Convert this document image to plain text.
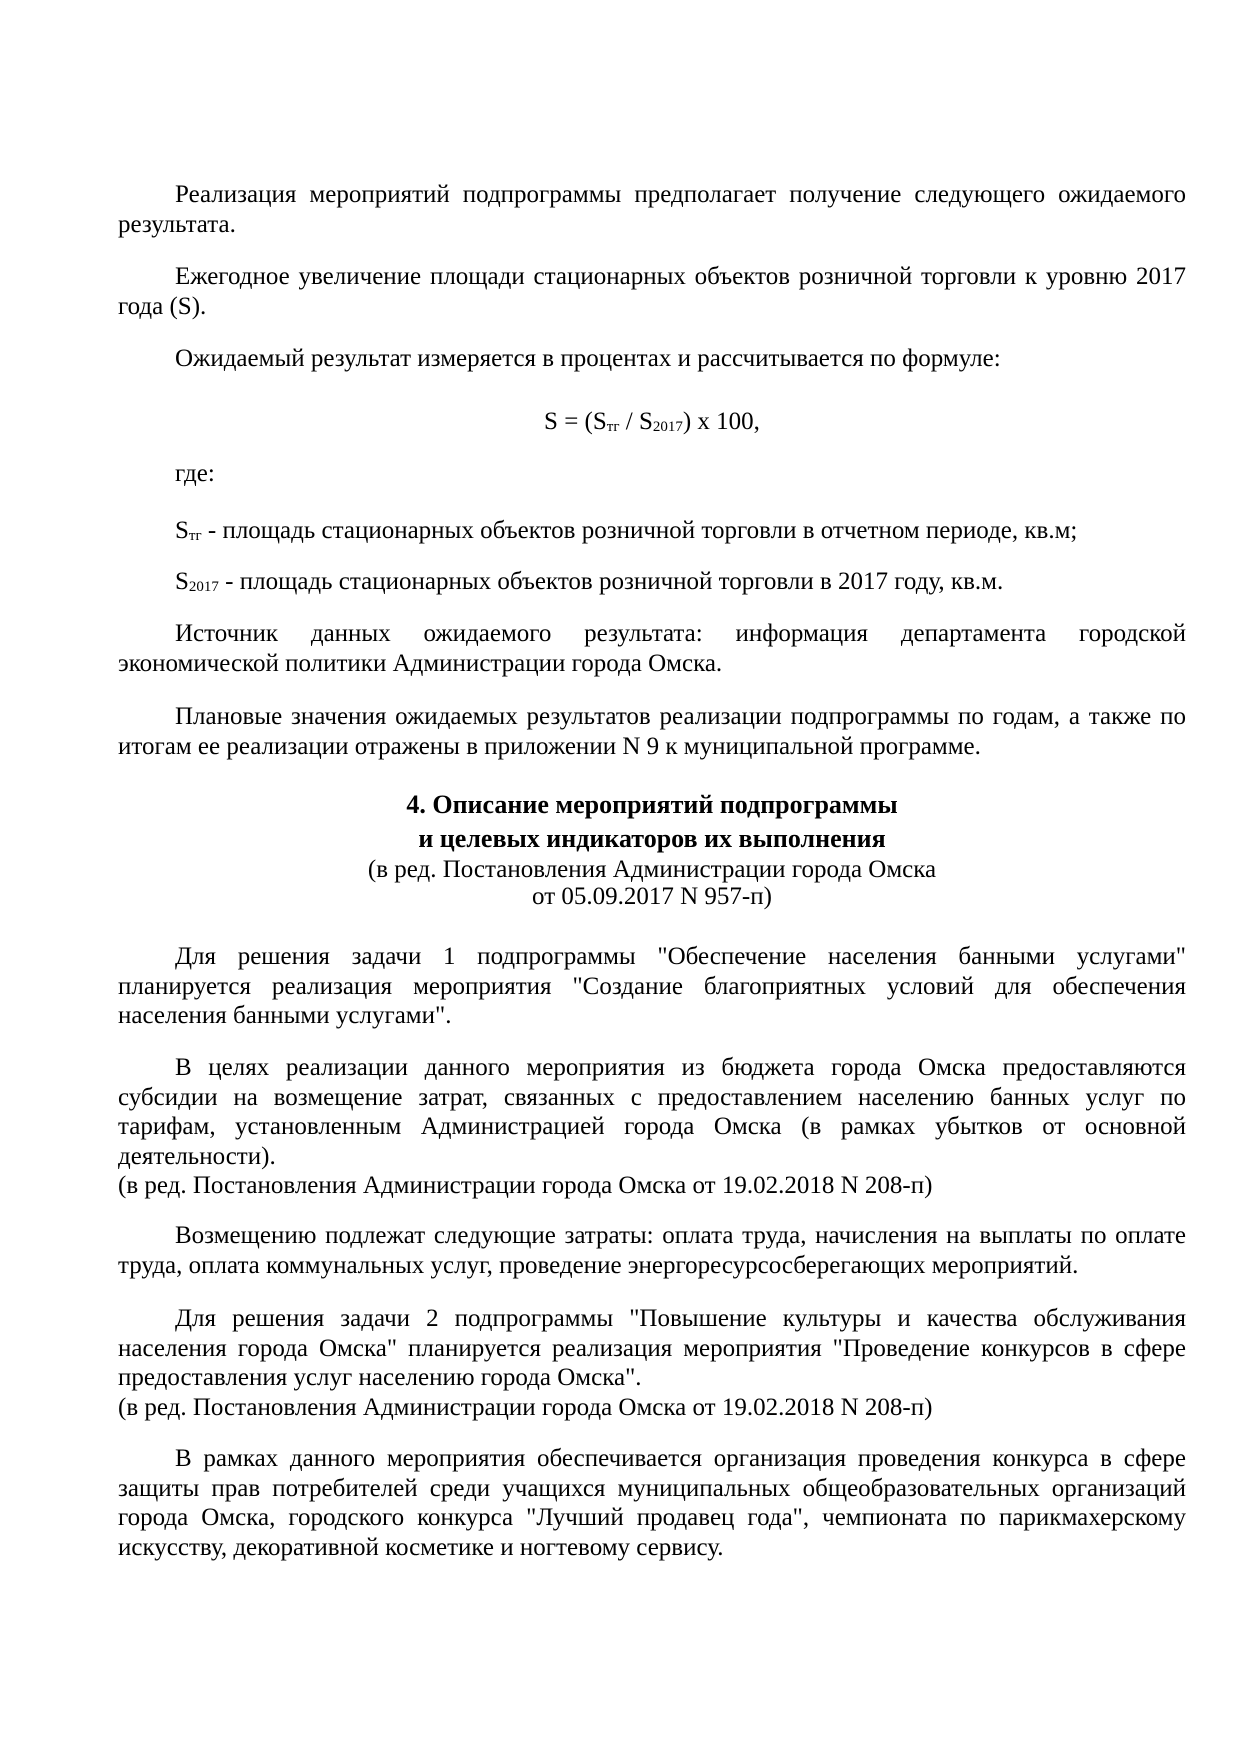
Реализация мероприятий подпрограммы предполагает получение следующего ожидаемого результата.

Ежегодное увеличение площади стационарных объектов розничной торговли к уровню 2017 года (S).

Ожидаемый результат измеряется в процентах и рассчитывается по формуле:

$S = (S_{тг} / S_{2017})$ х 100,

где:

$S_{тг}$ - площадь стационарных объектов розничной торговли в отчетном периоде, кв.м;

$S_{2017}$ - площадь стационарных объектов розничной торговли в 2017 году, кв.м.

Источник данных ожидаемого результата: информация департамента городской экономической политики Администрации города Омска.

Плановые значения ожидаемых результатов реализации подпрограммы по годам, а также по итогам ее реализации отражены в приложении N 9 к муниципальной программе.

4. Описание мероприятий подпрограммы
и целевых индикаторов их выполнения
(в ред. Постановления Администрации города Омска
от 05.09.2017 N 957-п)

Для решения задачи 1 подпрограммы "Обеспечение населения банными услугами" планируется реализация мероприятия "Создание благоприятных условий для обеспечения населения банными услугами".

В целях реализации данного мероприятия из бюджета города Омска предоставляются субсидии на возмещение затрат, связанных с предоставлением населению банных услуг по тарифам, установленным Администрацией города Омска (в рамках убытков от основной деятельности).
(в ред. Постановления Администрации города Омска от 19.02.2018 N 208-п)

Возмещению подлежат следующие затраты: оплата труда, начисления на выплаты по оплате труда, оплата коммунальных услуг, проведение энергоресурсосберегающих мероприятий.

Для решения задачи 2 подпрограммы "Повышение культуры и качества обслуживания населения города Омска" планируется реализация мероприятия "Проведение конкурсов в сфере предоставления услуг населению города Омска".
(в ред. Постановления Администрации города Омска от 19.02.2018 N 208-п)

В рамках данного мероприятия обеспечивается организация проведения конкурса в сфере защиты прав потребителей среди учащихся муниципальных общеобразовательных организаций города Омска, городского конкурса "Лучший продавец года", чемпионата по парикмахерскому искусству, декоративной косметике и ногтевому сервису.
